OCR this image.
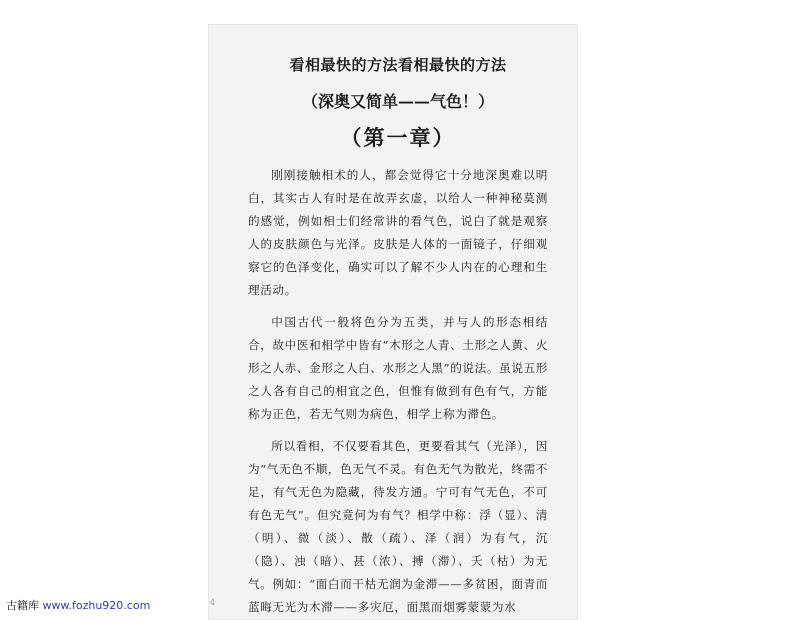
看相最快的方法看相最快的方法
（深奥又简单——气色！）
（第一章）

刚刚接触相术的人，都会觉得它十分地深奥难以明白，其实古人有时是在故弄玄虚，以给人一种神秘莫测的感觉，例如相士们经常讲的看气色，说白了就是观察人的皮肤颜色与光泽。皮肤是人体的一面镜子，仔细观察它的色泽变化，确实可以了解不少人内在的心理和生理活动。

中国古代一般将色分为五类，并与人的形态相结合，故中医和相学中皆有“木形之人青、土形之人黄、火形之人赤、金形之人白、水形之人黑”的说法。虽说五形之人各有自己的相宜之色，但惟有做到有色有气，方能称为正色，若无气则为病色，相学上称为滞色。

所以看相，不仅要看其色，更要看其气（光泽），因为“气无色不顺，色无气不灵。有色无气为散光，终需不足，有气无色为隐藏，待发方通。宁可有气无色，不可有色无气”。但究竟何为有气？相学中称：浮（显）、清（明）、微（淡）、散（疏）、泽（润）为有气，沉（隐）、浊（暗）、甚（浓）、搏（滞）、夭（枯）为无气。例如：“面白而干枯无润为金滞——多贫困，面青而蓝晦无光为木滞——多灾厄，面黑而烟雾蒙蒙为水

4
古籍库 www.fozhu920.com
